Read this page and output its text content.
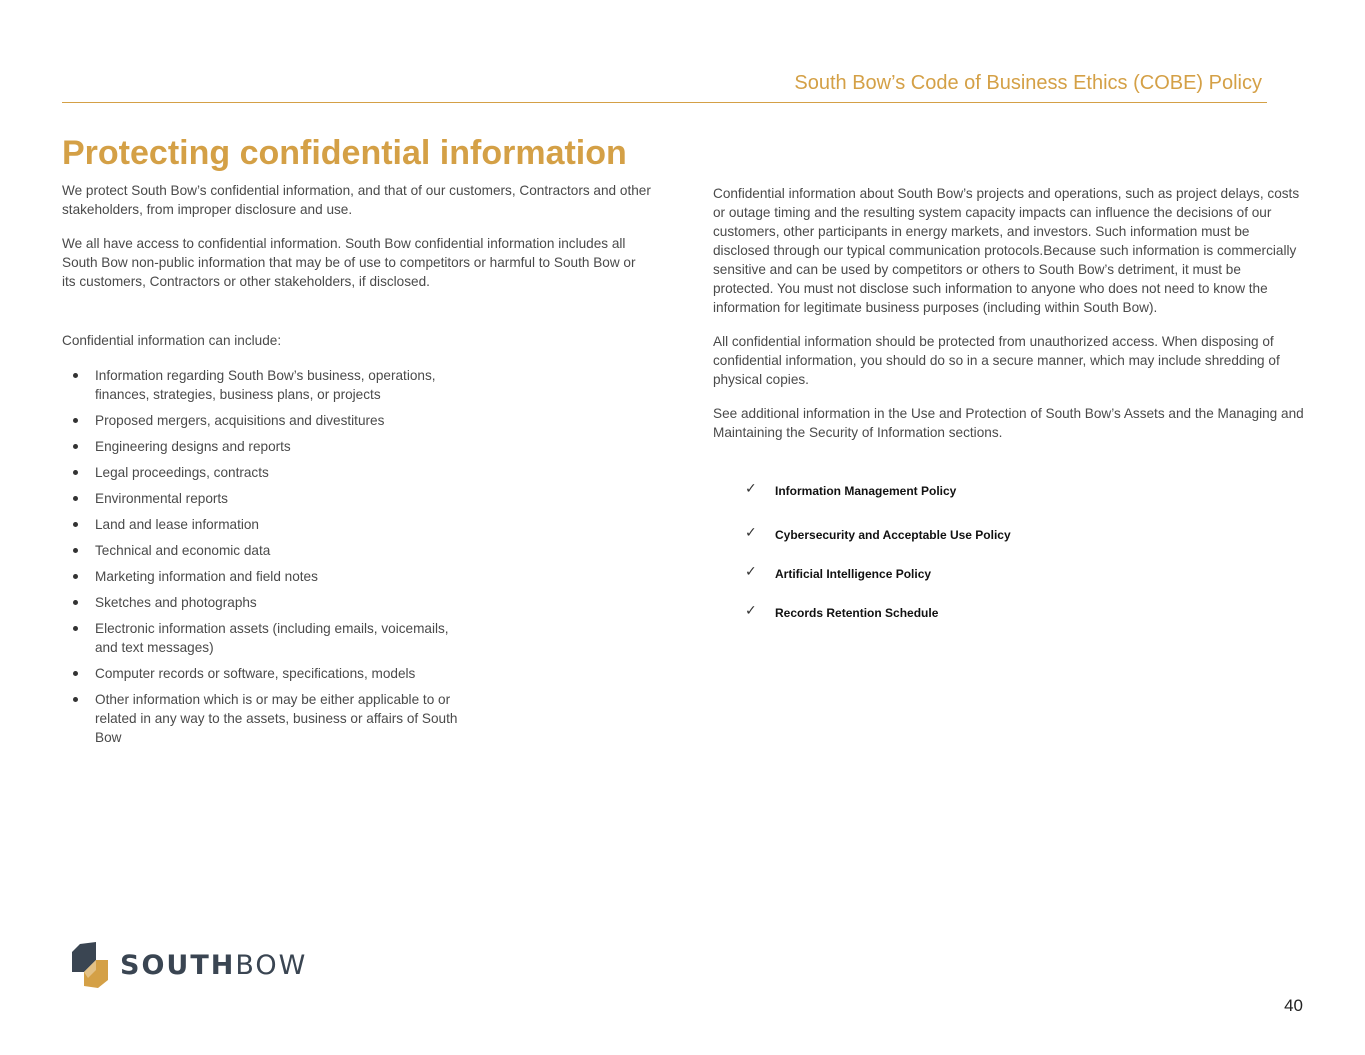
South Bow’s Code of Business Ethics (COBE) Policy
Protecting confidential information

We protect South Bow’s confidential information, and that of our customers, Contractors and other stakeholders, from improper disclosure and use.

We all have access to confidential information. South Bow confidential information includes all South Bow non-public information that may be of use to competitors or harmful to South Bow or its customers, Contractors or other stakeholders, if disclosed.

Confidential information can include:

Information regarding South Bow’s business, operations, finances, strategies, business plans, or projects
Proposed mergers, acquisitions and divestitures
Engineering designs and reports
Legal proceedings, contracts
Environmental reports
Land and lease information
Technical and economic data
Marketing information and field notes
Sketches and photographs
Electronic information assets (including emails, voicemails, and text messages)
Computer records or software, specifications, models
Other information which is or may be either applicable to or related in any way to the assets, business or affairs of South Bow

Confidential information about South Bow’s projects and operations, such as project delays, costs or outage timing and the resulting system capacity impacts can influence the decisions of our customers, other participants in energy markets, and investors. Such information must be disclosed through our typical communication protocols.Because such information is commercially sensitive and can be used by competitors or others to South Bow’s detriment, it must be protected. You must not disclose such information to anyone who does not need to know the information for legitimate business purposes (including within South Bow).

All confidential information should be protected from unauthorized access. When disposing of confidential information, you should do so in a secure manner, which may include shredding of physical copies.

See additional information in the Use and Protection of South Bow’s Assets and the Managing and Maintaining the Security of Information sections.

✓ Information Management Policy
✓ Cybersecurity and Acceptable Use Policy
✓ Artificial Intelligence Policy
✓ Records Retention Schedule
SOUTHBOW
40
